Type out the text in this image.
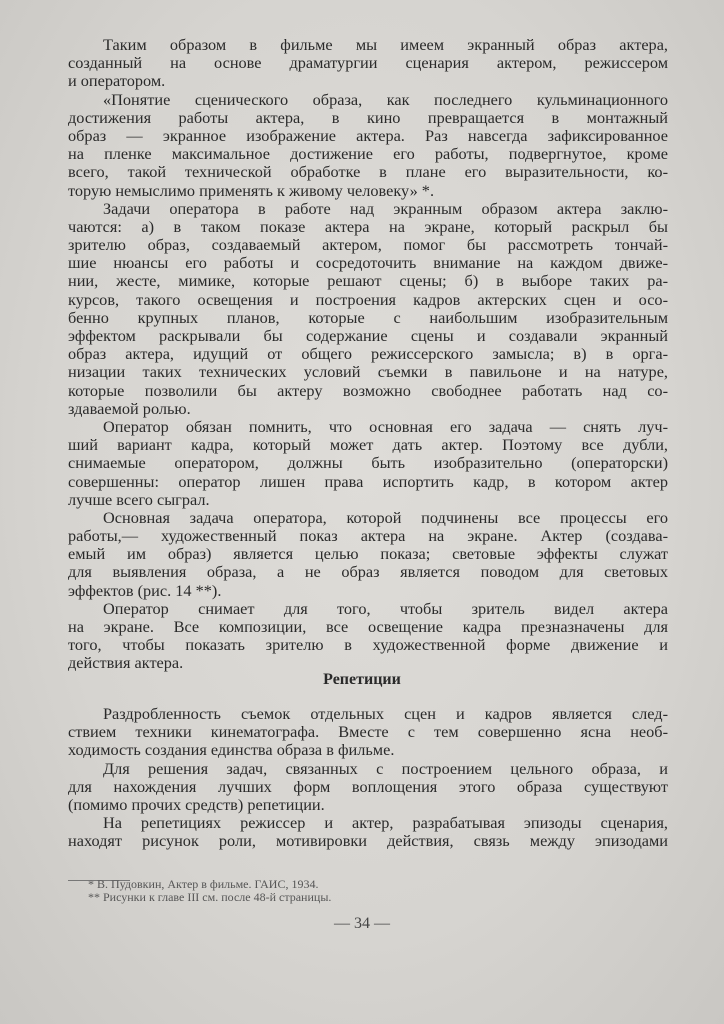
Таким образом в фильме мы имеем экранный образ актера,
созданный на основе драматургии сценария актером, режиссером
и оператором.
«Понятие сценического образа, как последнего кульминационного
достижения работы актера, в кино превращается в монтажный
образ — экранное изображение актера. Раз навсегда зафиксированное
на пленке максимальное достижение его работы, подвергнутое, кроме
всего, такой технической обработке в плане его выразительности, ко-
торую немыслимо применять к живому человеку» *.
Задачи оператора в работе над экранным образом актера заклю-
чаются: а) в таком показе актера на экране, который раскрыл бы
зрителю образ, создаваемый актером, помог бы рассмотреть тончай-
шие нюансы его работы и сосредоточить внимание на каждом движе-
нии, жесте, мимике, которые решают сцены; б) в выборе таких ра-
курсов, такого освещения и построения кадров актерских сцен и осо-
бенно крупных планов, которые с наибольшим изобразительным
эффектом раскрывали бы содержание сцены и создавали экранный
образ актера, идущий от общего режиссерского замысла; в) в орга-
низации таких технических условий съемки в павильоне и на натуре,
которые позволили бы актеру возможно свободнее работать над со-
здаваемой ролью.
Оператор обязан помнить, что основная его задача — снять луч-
ший вариант кадра, который может дать актер. Поэтому все дубли,
снимаемые оператором, должны быть изобразительно (операторски)
совершенны: оператор лишен права испортить кадр, в котором актер
лучше всего сыграл.
Основная задача оператора, которой подчинены все процессы его
работы,— художественный показ актера на экране. Актер (создава-
емый им образ) является целью показа; световые эффекты служат
для выявления образа, а не образ является поводом для световых
эффектов (рис. 14 **).
Оператор снимает для того, чтобы зритель видел актера
на экране. Все композиции, все освещение кадра презназначены для
того, чтобы показать зрителю в художественной форме движение и
действия актера.
Репетиции
Раздробленность съемок отдельных сцен и кадров является след-
ствием техники кинематографа. Вместе с тем совершенно ясна необ-
ходимость создания единства образа в фильме.
Для решения задач, связанных с построением цельного образа, и
для нахождения лучших форм воплощения этого образа существуют
(помимо прочих средств) репетиции.
На репетициях режиссер и актер, разрабатывая эпизоды сценария,
находят рисунок роли, мотивировки действия, связь между эпизодами
* В. Пудовкин, Актер в фильме. ГАИС, 1934.
** Рисунки к главе III см. после 48-й страницы.
— 34 —
